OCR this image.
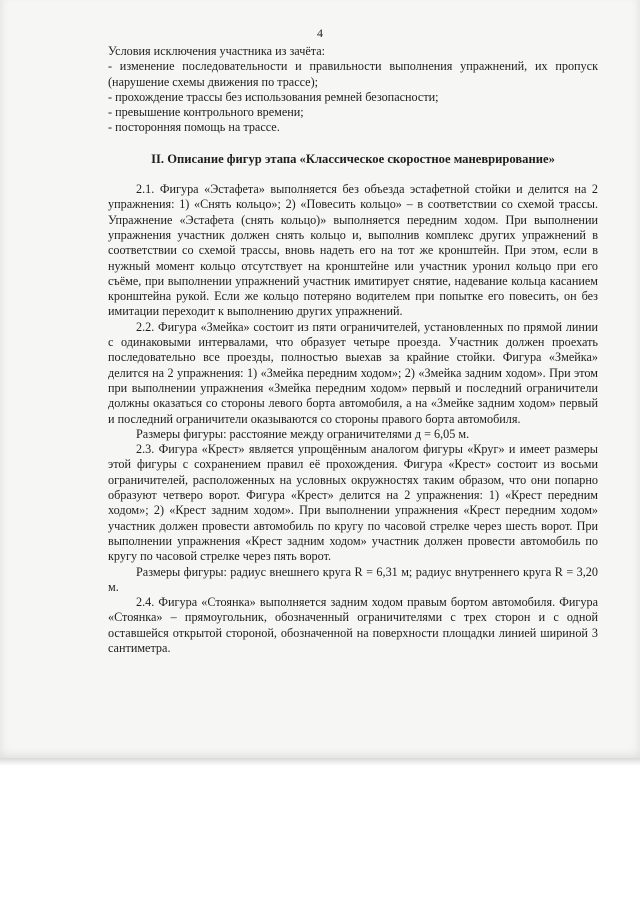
4

Условия исключения участника из зачёта:

- изменение последовательности и правильности выполнения упражнений, их пропуск (нарушение схемы движения по трассе);

- прохождение трассы без использования ремней безопасности;

- превышение контрольного времени;

- посторонняя помощь на трассе.

II. Описание фигур этапа «Классическое скоростное маневрирование»

2.1. Фигура «Эстафета» выполняется без объезда эстафетной стойки и делится на 2 упражнения: 1) «Снять кольцо»; 2) «Повесить кольцо» – в соответствии со схемой трассы. Упражнение «Эстафета (снять кольцо)» выполняется передним ходом. При выполнении упражнения участник должен снять кольцо и, выполнив комплекс других упражнений в соответствии со схемой трассы, вновь надеть его на тот же кронштейн. При этом, если в нужный момент кольцо отсутствует на кронштейне или участник уронил кольцо при его съёме, при выполнении упражнений участник имитирует снятие, надевание кольца касанием кронштейна рукой. Если же кольцо потеряно водителем при попытке его повесить, он без имитации переходит к выполнению других упражнений.

2.2. Фигура «Змейка» состоит из пяти ограничителей, установленных по прямой линии с одинаковыми интервалами, что образует четыре проезда. Участник должен проехать последовательно все проезды, полностью выехав за крайние стойки. Фигура «Змейка» делится на 2 упражнения: 1) «Змейка передним ходом»; 2) «Змейка задним ходом». При этом при выполнении упражнения «Змейка передним ходом» первый и последний ограничители должны оказаться со стороны левого борта автомобиля, а на «Змейке задним ходом» первый и последний ограничители оказываются со стороны правого борта автомобиля.

Размеры фигуры: расстояние между ограничителями д = 6,05 м.

2.3. Фигура «Крест» является упрощённым аналогом фигуры «Круг» и имеет размеры этой фигуры с сохранением правил её прохождения. Фигура «Крест» состоит из восьми ограничителей, расположенных на условных окружностях таким образом, что они попарно образуют четверо ворот. Фигура «Крест» делится на 2 упражнения: 1) «Крест передним ходом»; 2) «Крест задним ходом». При выполнении упражнения «Крест передним ходом» участник должен провести автомобиль по кругу по часовой стрелке через шесть ворот. При выполнении упражнения «Крест задним ходом» участник должен провести автомобиль по кругу по часовой стрелке через пять ворот.

Размеры фигуры: радиус внешнего круга R = 6,31 м; радиус внутреннего круга R = 3,20 м.

2.4. Фигура «Стоянка» выполняется задним ходом правым бортом автомобиля. Фигура «Стоянка» – прямоугольник, обозначенный ограничителями с трех сторон и с одной оставшейся открытой стороной, обозначенной на поверхности площадки линией шириной 3 сантиметра.
